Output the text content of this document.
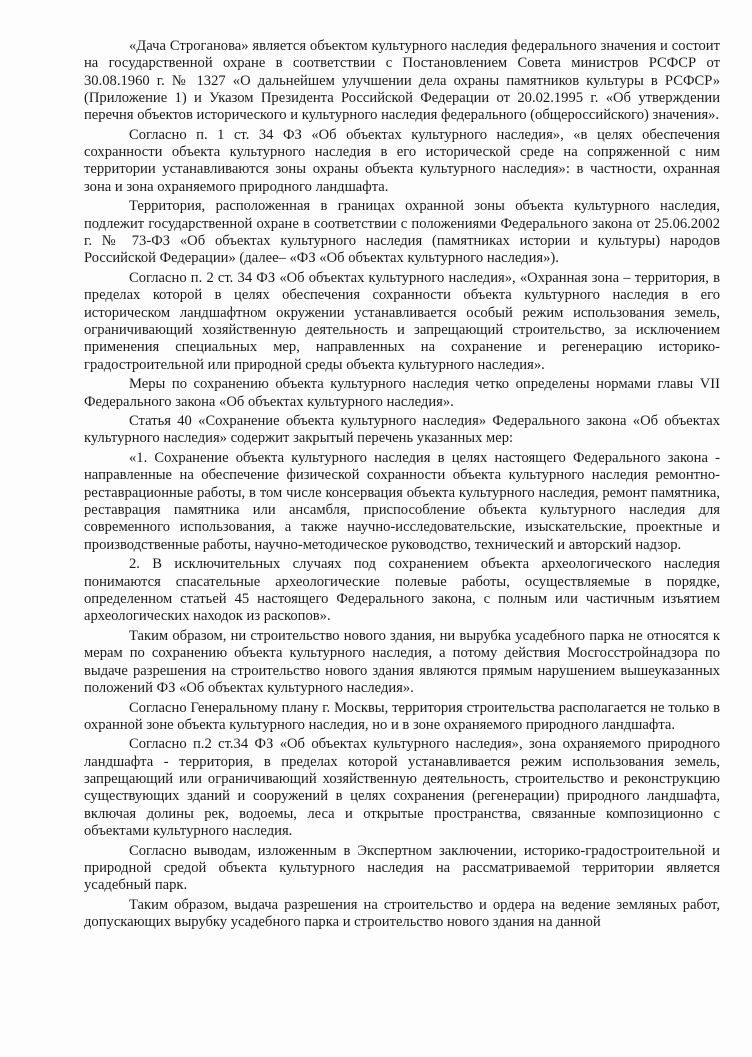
«Дача Строганова» является объектом культурного наследия федерального значения и состоит на государственной охране в соответствии с Постановлением Совета министров РСФСР от 30.08.1960 г. № 1327 «О дальнейшем улучшении дела охраны памятников культуры в РСФСР» (Приложение 1) и Указом Президента Российской Федерации от 20.02.1995 г. «Об утверждении перечня объектов исторического и культурного наследия федерального (общероссийского) значения».

Согласно п. 1 ст. 34 ФЗ «Об объектах культурного наследия», «в целях обеспечения сохранности объекта культурного наследия в его исторической среде на сопряженной с ним территории устанавливаются зоны охраны объекта культурного наследия»: в частности, охранная зона и зона охраняемого природного ландшафта.

Территория, расположенная в границах охранной зоны объекта культурного наследия, подлежит государственной охране в соответствии с положениями Федерального закона от 25.06.2002 г. № 73-ФЗ «Об объектах культурного наследия (памятниках истории и культуры) народов Российской Федерации» (далее– «ФЗ «Об объектах культурного наследия»).

Согласно п. 2 ст. 34 ФЗ «Об объектах культурного наследия», «Охранная зона – территория, в пределах которой в целях обеспечения сохранности объекта культурного наследия в его историческом ландшафтном окружении устанавливается особый режим использования земель, ограничивающий хозяйственную деятельность и запрещающий строительство, за исключением применения специальных мер, направленных на сохранение и регенерацию историко-градостроительной или природной среды объекта культурного наследия».

Меры по сохранению объекта культурного наследия четко определены нормами главы VII Федерального закона «Об объектах культурного наследия».

Статья 40 «Сохранение объекта культурного наследия» Федерального закона «Об объектах культурного наследия» содержит закрытый перечень указанных мер:

«1. Сохранение объекта культурного наследия в целях настоящего Федерального закона - направленные на обеспечение физической сохранности объекта культурного наследия ремонтно-реставрационные работы, в том числе консервация объекта культурного наследия, ремонт памятника, реставрация памятника или ансамбля, приспособление объекта культурного наследия для современного использования, а также научно-исследовательские, изыскательские, проектные и производственные работы, научно-методическое руководство, технический и авторский надзор.

2. В исключительных случаях под сохранением объекта археологического наследия понимаются спасательные археологические полевые работы, осуществляемые в порядке, определенном статьей 45 настоящего Федерального закона, с полным или частичным изъятием археологических находок из раскопов».

Таким образом, ни строительство нового здания, ни вырубка усадебного парка не относятся к мерам по сохранению объекта культурного наследия, а потому действия Мосгосстройнадзора по выдаче разрешения на строительство нового здания являются прямым нарушением вышеуказанных положений ФЗ «Об объектах культурного наследия».

Согласно Генеральному плану г. Москвы, территория строительства располагается не только в охранной зоне объекта культурного наследия, но и в зоне охраняемого природного ландшафта.

Согласно п.2 ст.34 ФЗ «Об объектах культурного наследия», зона охраняемого природного ландшафта - территория, в пределах которой устанавливается режим использования земель, запрещающий или ограничивающий хозяйственную деятельность, строительство и реконструкцию существующих зданий и сооружений в целях сохранения (регенерации) природного ландшафта, включая долины рек, водоемы, леса и открытые пространства, связанные композиционно с объектами культурного наследия.

Согласно выводам, изложенным в Экспертном заключении, историко-градостроительной и природной средой объекта культурного наследия на рассматриваемой территории является усадебный парк.

Таким образом, выдача разрешения на строительство и ордера на ведение земляных работ, допускающих вырубку усадебного парка и строительство нового здания на данной
